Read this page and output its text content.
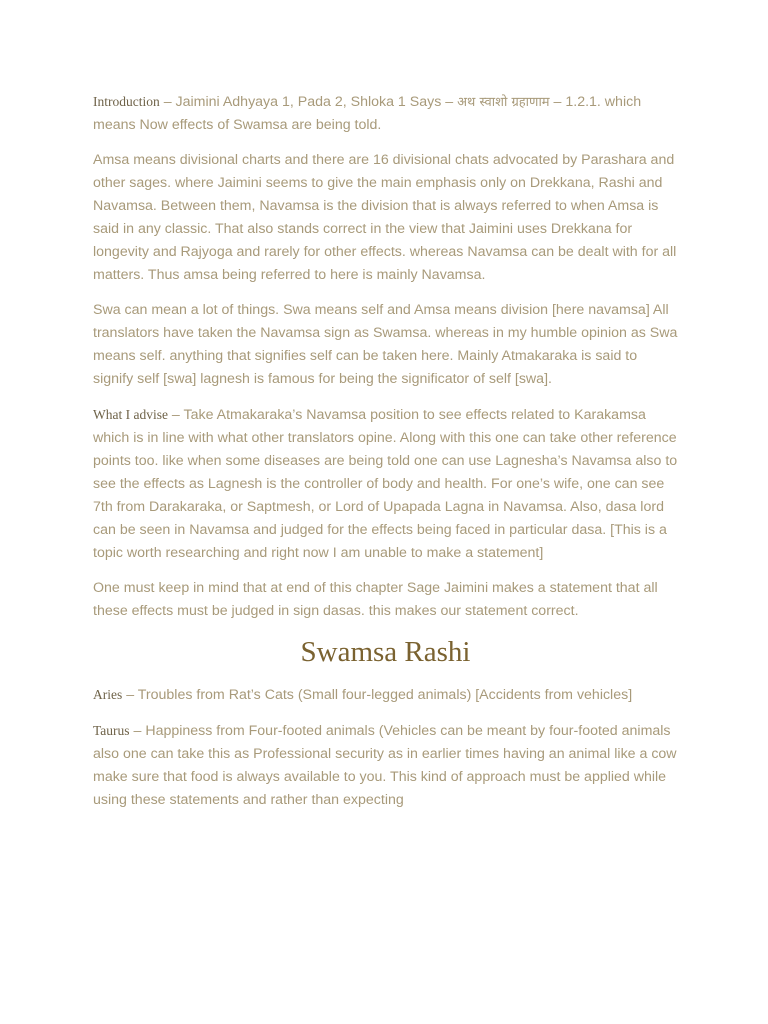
Introduction – Jaimini Adhyaya 1, Pada 2, Shloka 1 Says – अथ स्वाशो ग्रहाणाम – 1.2.1. which means Now effects of Swamsa are being told.

Amsa means divisional charts and there are 16 divisional chats advocated by Parashara and other sages. where Jaimini seems to give the main emphasis only on Drekkana, Rashi and Navamsa. Between them, Navamsa is the division that is always referred to when Amsa is said in any classic. That also stands correct in the view that Jaimini uses Drekkana for longevity and Rajyoga and rarely for other effects. whereas Navamsa can be dealt with for all matters. Thus amsa being referred to here is mainly Navamsa.

Swa can mean a lot of things. Swa means self and Amsa means division [here navamsa] All translators have taken the Navamsa sign as Swamsa. whereas in my humble opinion as Swa means self. anything that signifies self can be taken here. Mainly Atmakaraka is said to signify self [swa] lagnesh is famous for being the significator of self [swa].

What I advise – Take Atmakaraka’s Navamsa position to see effects related to Karakamsa which is in line with what other translators opine. Along with this one can take other reference points too. like when some diseases are being told one can use Lagnesha’s Navamsa also to see the effects as Lagnesh is the controller of body and health. For one’s wife, one can see 7th from Darakaraka, or Saptmesh, or Lord of Upapada Lagna in Navamsa. Also, dasa lord can be seen in Navamsa and judged for the effects being faced in particular dasa. [This is a topic worth researching and right now I am unable to make a statement]

One must keep in mind that at end of this chapter Sage Jaimini makes a statement that all these effects must be judged in sign dasas. this makes our statement correct.

Swamsa Rashi

Aries – Troubles from Rat’s Cats (Small four-legged animals) [Accidents from vehicles]

Taurus – Happiness from Four-footed animals (Vehicles can be meant by four-footed animals also one can take this as Professional security as in earlier times having an animal like a cow make sure that food is always available to you. This kind of approach must be applied while using these statements and rather than expecting
